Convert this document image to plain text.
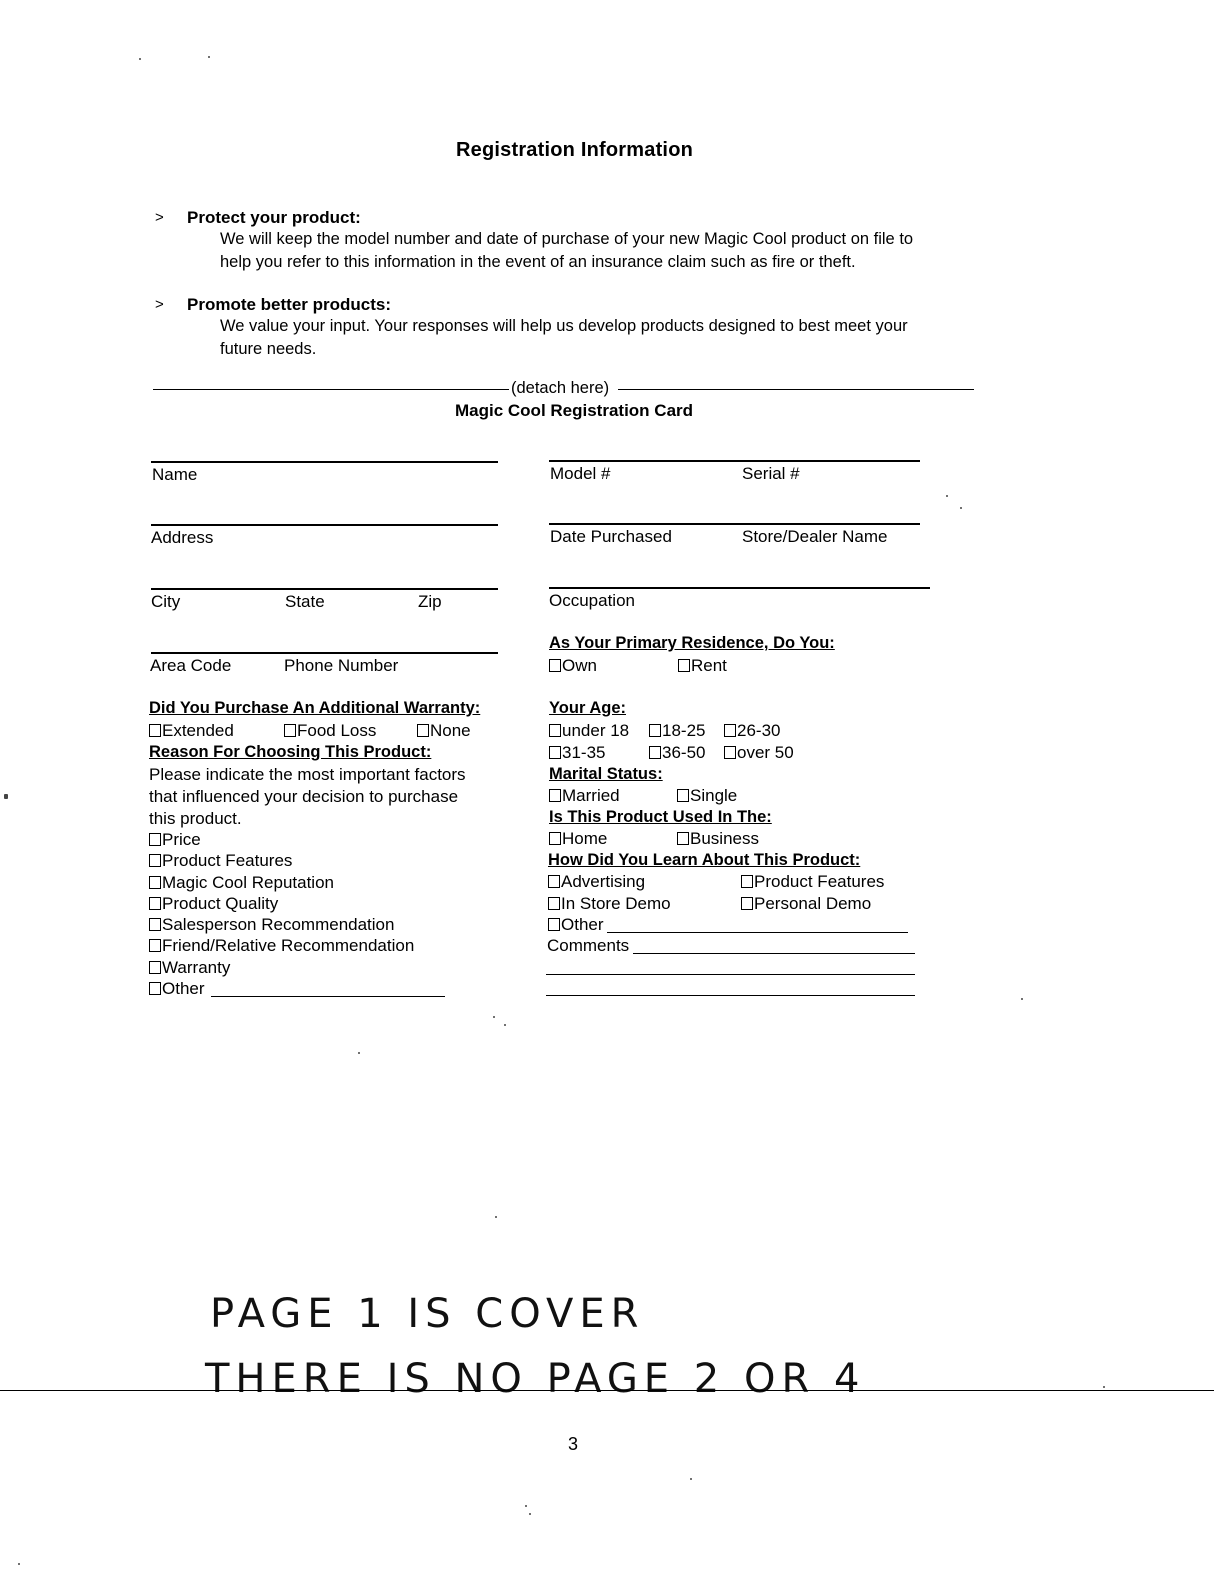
Registration Information
> Protect your product:
We will keep the model number and date of purchase of your new Magic Cool product on file to
help you refer to this information in the event of an insurance claim such as fire or theft.
> Promote better products:
We value your input. Your responses will help us develop products designed to best meet your
future needs.
(detach here)
Magic Cool Registration Card
Name
Address
City	State	Zip
Area Code	Phone Number
Model #	Serial #
Date Purchased	Store/Dealer Name
Occupation
As Your Primary Residence, Do You:
Own	Rent
Did You Purchase An Additional Warranty:
Extended	Food Loss	None
Reason For Choosing This Product:
Please indicate the most important factors
that influenced your decision to purchase
this product.
Price
Product Features
Magic Cool Reputation
Product Quality
Salesperson Recommendation
Friend/Relative Recommendation
Warranty
Other
Your Age:
under 18	18-25	26-30
31-35	36-50	over 50
Marital Status:
Married	Single
Is This Product Used In The:
Home	Business
How Did You Learn About This Product:
Advertising	Product Features
In Store Demo	Personal Demo
Other
Comments
PAGE 1 IS COVER
THERE IS NO PAGE 2 OR 4
3
